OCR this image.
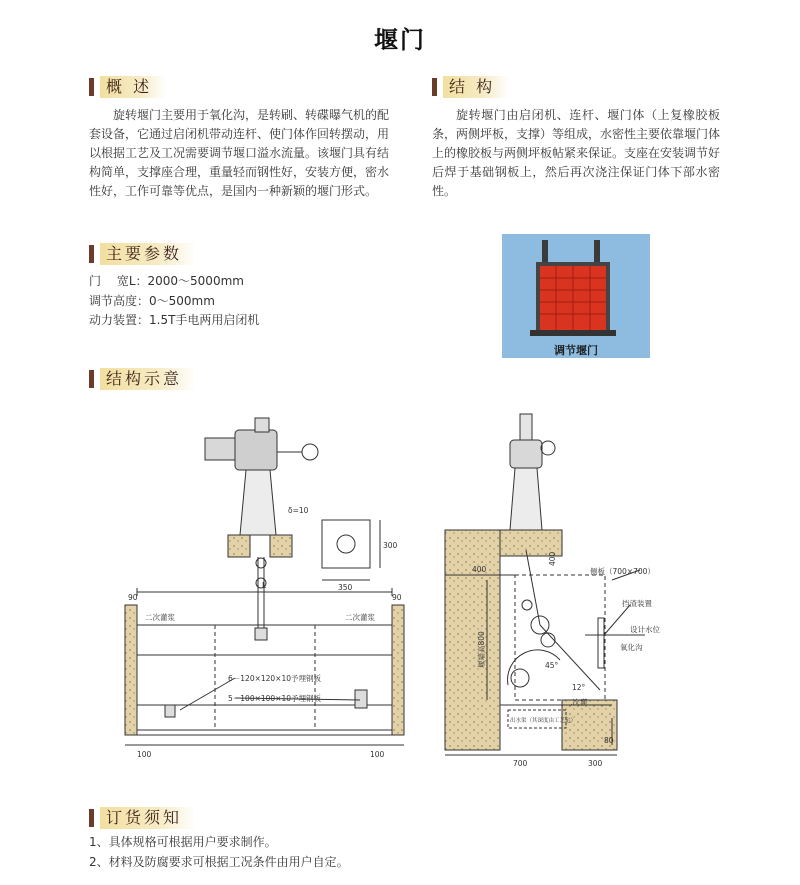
堰门
概 述
旋转堰门主要用于氧化沟，是转刷、转碟曝气机的配套设备，它通过启闭机带动连杆、使门体作回转摆动，用以根据工艺及工况需要调节堰口溢水流量。该堰门具有结构简单，支撑座合理，重量轻而钢性好，安装方便，密水性好，工作可靠等优点，是国内一种新颖的堰门形式。
结 构
旋转堰门由启闭机、连杆、堰门体（上复橡胶板条，两侧坪板，支撑）等组成，水密性主要依靠堰门体上的橡胶板与两侧坪板帖紧来保证。支座在安装调节好后焊于基础钢板上，然后再次浇注保证门体下部水密性。
主要参数
门　 宽L：2000～5000mm
调节高度：0～500mm
动力装置：1.5T手电两用启闭机
调节堰门
结构示意
δ=10
350
300
L
二次灌浆	二次灌浆
6－120×120×10予埋钢板
5－100×100×10予埋钢板
100	100
90	90
400
400
侧板（700×700）
挡渣装置
设计水位
氧化沟
堰墙高800	45°
12°
二次灌
出水渠（其深度由工艺定）
700	300
80
订货须知
1、具体规格可根据用户要求制作。
2、材料及防腐要求可根据工况条件由用户自定。
